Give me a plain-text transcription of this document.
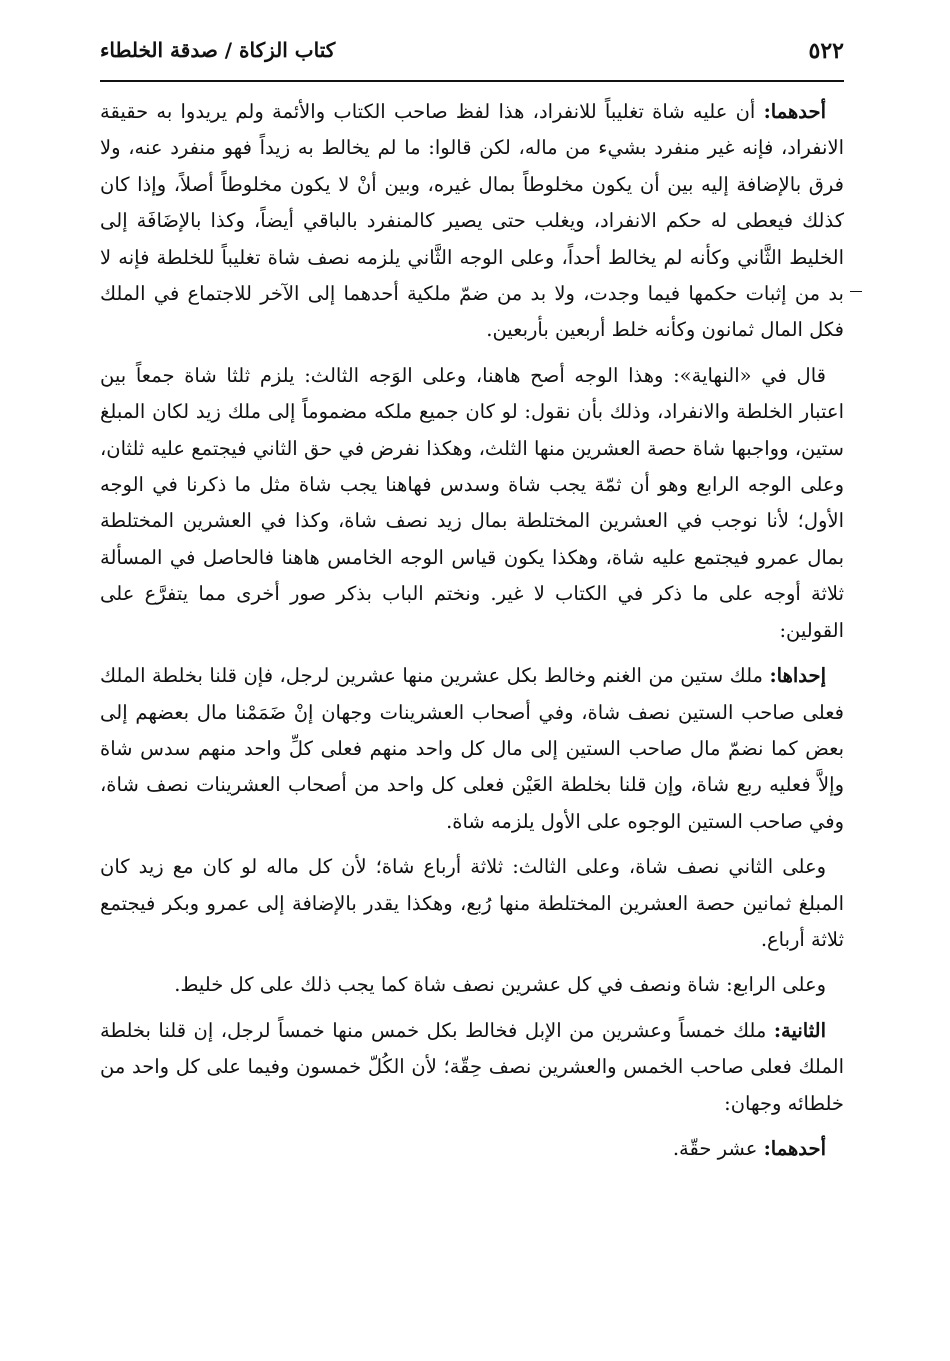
٥٢٢
كتاب الزكاة / صدقة الخلطاء

أحدهما: أن عليه شاة تغليباً للانفراد، هذا لفظ صاحب الكتاب والأئمة ولم يريدوا به حقيقة الانفراد، فإنه غير منفرد بشيء من ماله، لكن قالوا: ما لم يخالط به زيداً فهو منفرد عنه، ولا فرق بالإضافة إليه بين أن يكون مخلوطاً بمال غيره، وبين أنْ لا يكون مخلوطاً أصلاً، وإذا كان كذلك فيعطى له حكم الانفراد، ويغلب حتى يصير كالمنفرد بالباقي أيضاً، وكذا بالإضَافَة إلى الخليط الثَّاني وكأنه لم يخالط أحداً، وعلى الوجه الثَّاني يلزمه نصف شاة تغليباً للخلطة فإنه لا بد من إثبات حكمها فيما وجدت، ولا بد من ضمّ ملكية أحدهما إلى الآخر للاجتماع في الملك فكل المال ثمانون وكأنه خلط أربعين بأربعين.

قال في «النهاية»: وهذا الوجه أصح هاهنا، وعلى الوَجه الثالث: يلزم ثلثا شاة جمعاً بين اعتبار الخلطة والانفراد، وذلك بأن نقول: لو كان جميع ملكه مضموماً إلى ملك زيد لكان المبلغ ستين، وواجبها شاة حصة العشرين منها الثلث، وهكذا نفرض في حق الثاني فيجتمع عليه ثلثان، وعلى الوجه الرابع وهو أن ثمّة يجب شاة وسدس فهاهنا يجب شاة مثل ما ذكرنا في الوجه الأول؛ لأنا نوجب في العشرين المختلطة بمال زيد نصف شاة، وكذا في العشرين المختلطة بمال عمرو فيجتمع عليه شاة، وهكذا يكون قياس الوجه الخامس هاهنا فالحاصل في المسألة ثلاثة أوجه على ما ذكر في الكتاب لا غير. ونختم الباب بذكر صور أخرى مما يتفرَّع على القولين:

إحداها: ملك ستين من الغنم وخالط بكل عشرين منها عشرين لرجل، فإن قلنا بخلطة الملك فعلى صاحب الستين نصف شاة، وفي أصحاب العشرينات وجهان إنْ ضَمَمْنا مال بعضهم إلى بعض كما نضمّ مال صاحب الستين إلى مال كل واحد منهم فعلى كلِّ واحد منهم سدس شاة وإلاَّ فعليه ربع شاة، وإن قلنا بخلطة العَيْن فعلى كل واحد من أصحاب العشرينات نصف شاة، وفي صاحب الستين الوجوه على الأول يلزمه شاة.

وعلى الثاني نصف شاة، وعلى الثالث: ثلاثة أرباع شاة؛ لأن كل ماله لو كان مع زيد كان المبلغ ثمانين حصة العشرين المختلطة منها رُبع، وهكذا يقدر بالإضافة إلى عمرو وبكر فيجتمع ثلاثة أرباع.

وعلى الرابع: شاة ونصف في كل عشرين نصف شاة كما يجب ذلك على كل خليط.

الثانية: ملك خمساً وعشرين من الإبل فخالط بكل خمس منها خمساً لرجل، إن قلنا بخلطة الملك فعلى صاحب الخمس والعشرين نصف حِقّة؛ لأن الكُلّ خمسون وفيما على كل واحد من خلطائه وجهان:

أحدهما: عشر حقّة.
